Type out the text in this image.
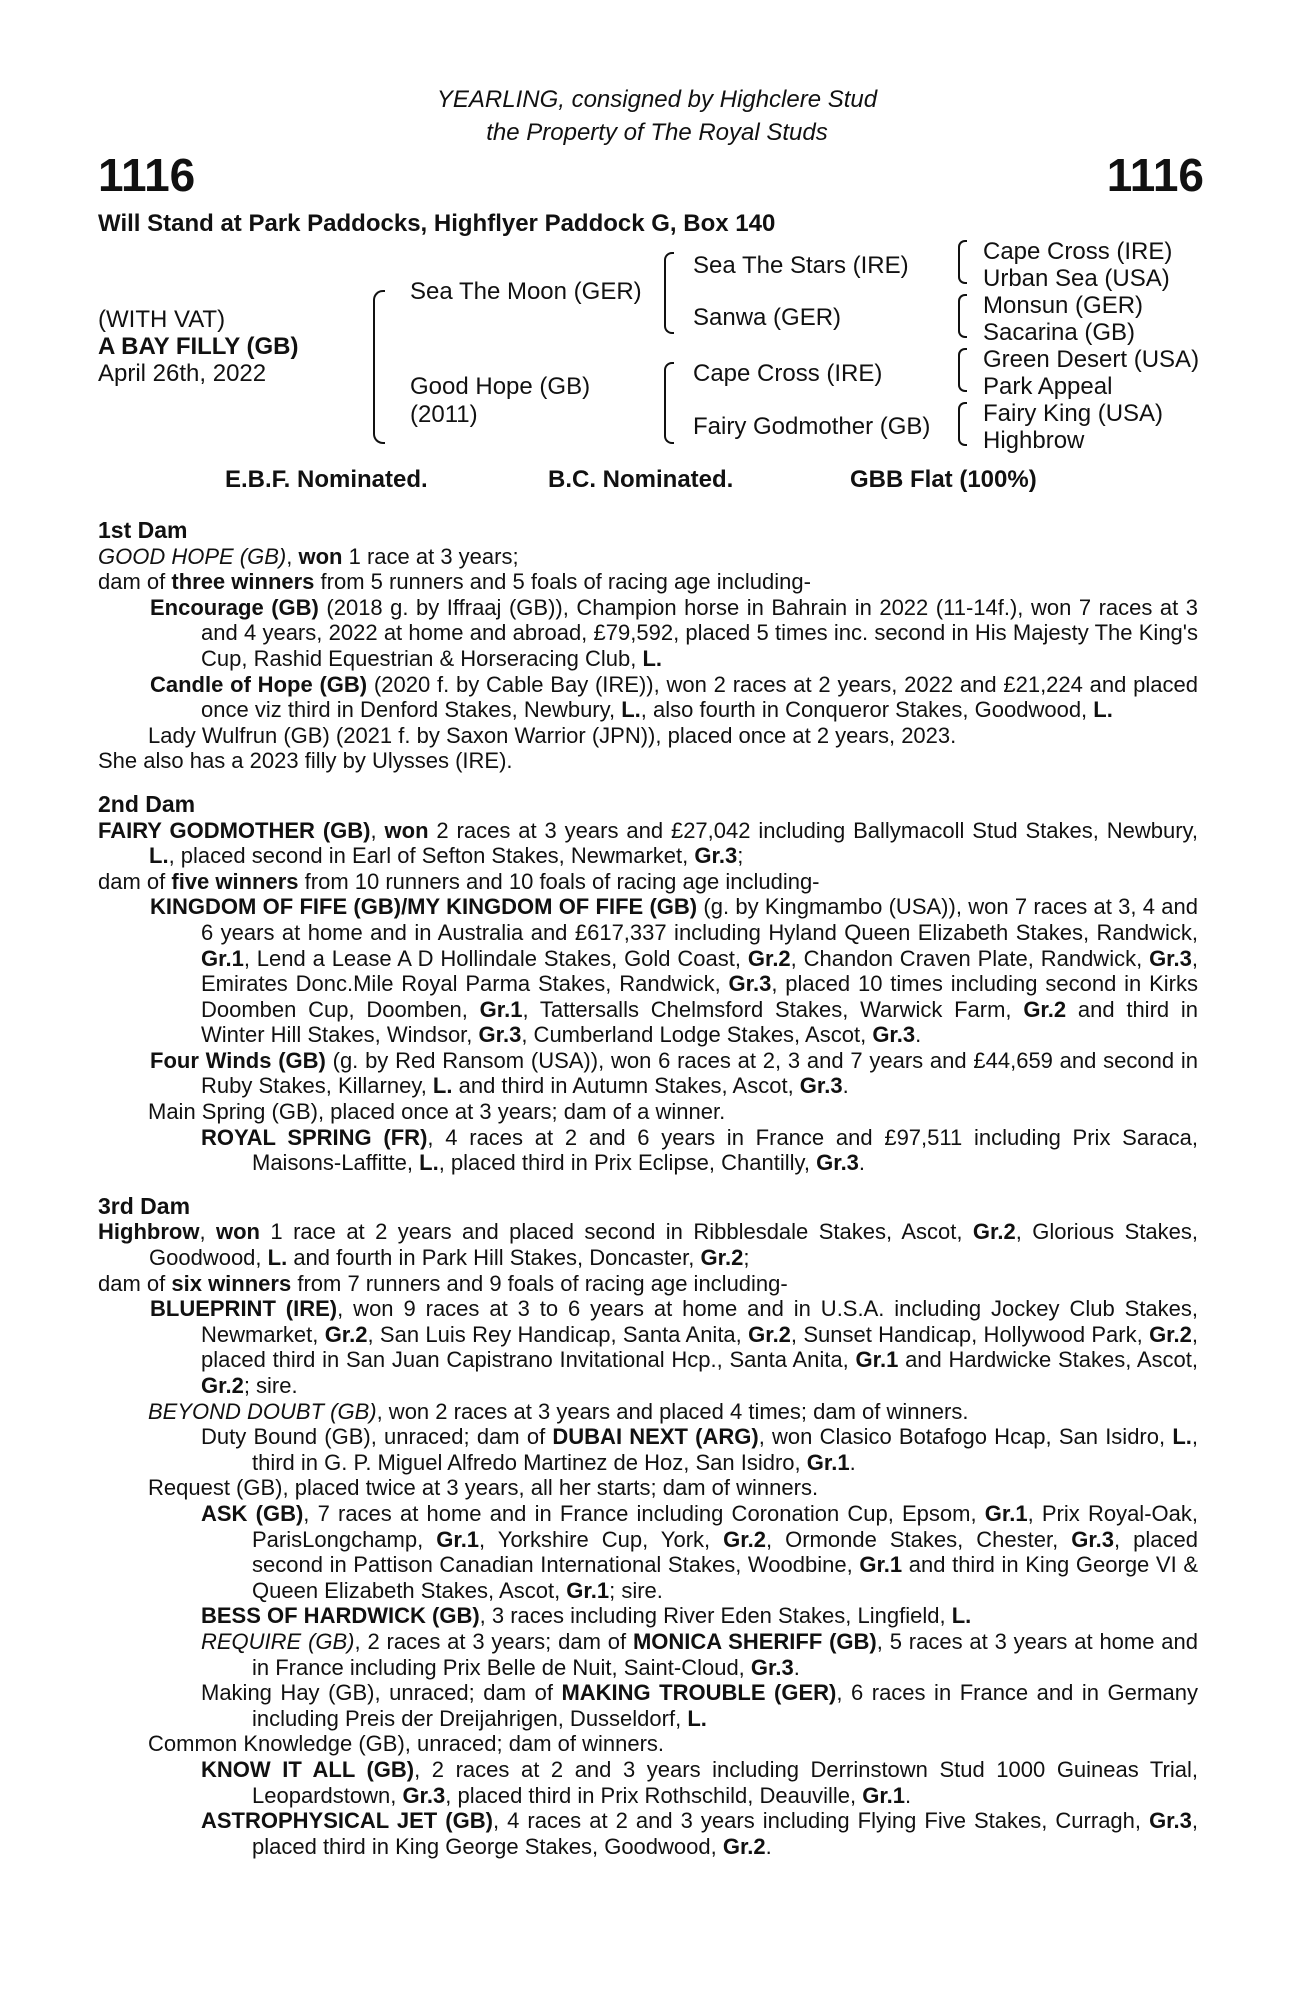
YEARLING, consigned by Highclere Stud
the Property of The Royal Studs
1116	1116
Will Stand at Park Paddocks, Highflyer Paddock G, Box 140
(WITH VAT)
A BAY FILLY (GB)
April 26th, 2022
Sea The Moon (GER)
Good Hope (GB)
(2011)
Sea The Stars (IRE)
Sanwa (GER)
Cape Cross (IRE)
Fairy Godmother (GB)
Cape Cross (IRE)
Urban Sea (USA)
Monsun (GER)
Sacarina (GB)
Green Desert (USA)
Park Appeal
Fairy King (USA)
Highbrow
E.B.F. Nominated.	B.C. Nominated.	GBB Flat (100%)
1st Dam
GOOD HOPE (GB), won 1 race at 3 years;
dam of three winners from 5 runners and 5 foals of racing age including-
Encourage (GB) (2018 g. by Iffraaj (GB)), Champion horse in Bahrain in 2022 (11-14f.), won 7 races at 3 and 4 years, 2022 at home and abroad, £79,592, placed 5 times inc. second in His Majesty The King's Cup, Rashid Equestrian & Horseracing Club, L.
Candle of Hope (GB) (2020 f. by Cable Bay (IRE)), won 2 races at 2 years, 2022 and £21,224 and placed once viz third in Denford Stakes, Newbury, L., also fourth in Conqueror Stakes, Goodwood, L.
Lady Wulfrun (GB) (2021 f. by Saxon Warrior (JPN)), placed once at 2 years, 2023.
She also has a 2023 filly by Ulysses (IRE).
2nd Dam
FAIRY GODMOTHER (GB), won 2 races at 3 years and £27,042 including Ballymacoll Stud Stakes, Newbury, L., placed second in Earl of Sefton Stakes, Newmarket, Gr.3;
dam of five winners from 10 runners and 10 foals of racing age including-
KINGDOM OF FIFE (GB)/MY KINGDOM OF FIFE (GB) (g. by Kingmambo (USA)), won 7 races at 3, 4 and 6 years at home and in Australia and £617,337 including Hyland Queen Elizabeth Stakes, Randwick, Gr.1, Lend a Lease A D Hollindale Stakes, Gold Coast, Gr.2, Chandon Craven Plate, Randwick, Gr.3, Emirates Donc.Mile Royal Parma Stakes, Randwick, Gr.3, placed 10 times including second in Kirks Doomben Cup, Doomben, Gr.1, Tattersalls Chelmsford Stakes, Warwick Farm, Gr.2 and third in Winter Hill Stakes, Windsor, Gr.3, Cumberland Lodge Stakes, Ascot, Gr.3.
Four Winds (GB) (g. by Red Ransom (USA)), won 6 races at 2, 3 and 7 years and £44,659 and second in Ruby Stakes, Killarney, L. and third in Autumn Stakes, Ascot, Gr.3.
Main Spring (GB), placed once at 3 years; dam of a winner.
ROYAL SPRING (FR), 4 races at 2 and 6 years in France and £97,511 including Prix Saraca, Maisons-Laffitte, L., placed third in Prix Eclipse, Chantilly, Gr.3.
3rd Dam
Highbrow, won 1 race at 2 years and placed second in Ribblesdale Stakes, Ascot, Gr.2, Glorious Stakes, Goodwood, L. and fourth in Park Hill Stakes, Doncaster, Gr.2;
dam of six winners from 7 runners and 9 foals of racing age including-
BLUEPRINT (IRE), won 9 races at 3 to 6 years at home and in U.S.A. including Jockey Club Stakes, Newmarket, Gr.2, San Luis Rey Handicap, Santa Anita, Gr.2, Sunset Handicap, Hollywood Park, Gr.2, placed third in San Juan Capistrano Invitational Hcp., Santa Anita, Gr.1 and Hardwicke Stakes, Ascot, Gr.2; sire.
BEYOND DOUBT (GB), won 2 races at 3 years and placed 4 times; dam of winners.
Duty Bound (GB), unraced; dam of DUBAI NEXT (ARG), won Clasico Botafogo Hcap, San Isidro, L., third in G. P. Miguel Alfredo Martinez de Hoz, San Isidro, Gr.1.
Request (GB), placed twice at 3 years, all her starts; dam of winners.
ASK (GB), 7 races at home and in France including Coronation Cup, Epsom, Gr.1, Prix Royal-Oak, ParisLongchamp, Gr.1, Yorkshire Cup, York, Gr.2, Ormonde Stakes, Chester, Gr.3, placed second in Pattison Canadian International Stakes, Woodbine, Gr.1 and third in King George VI & Queen Elizabeth Stakes, Ascot, Gr.1; sire.
BESS OF HARDWICK (GB), 3 races including River Eden Stakes, Lingfield, L.
REQUIRE (GB), 2 races at 3 years; dam of MONICA SHERIFF (GB), 5 races at 3 years at home and in France including Prix Belle de Nuit, Saint-Cloud, Gr.3.
Making Hay (GB), unraced; dam of MAKING TROUBLE (GER), 6 races in France and in Germany including Preis der Dreijahrigen, Dusseldorf, L.
Common Knowledge (GB), unraced; dam of winners.
KNOW IT ALL (GB), 2 races at 2 and 3 years including Derrinstown Stud 1000 Guineas Trial, Leopardstown, Gr.3, placed third in Prix Rothschild, Deauville, Gr.1.
ASTROPHYSICAL JET (GB), 4 races at 2 and 3 years including Flying Five Stakes, Curragh, Gr.3, placed third in King George Stakes, Goodwood, Gr.2.
